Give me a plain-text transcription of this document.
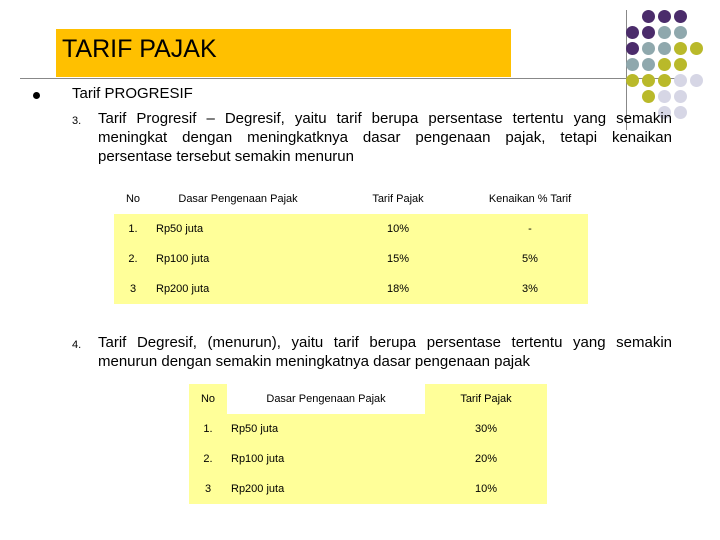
TARIF PAJAK
Tarif PROGRESIF
3. Tarif Progresif – Degresif, yaitu tarif berupa persentase tertentu yang semakin meningkat dengan meningkatknya dasar pengenaan pajak, tetapi kenaikan persentase tersebut semakin menurun
No	Dasar Pengenaan Pajak	Tarif Pajak	Kenaikan % Tarif
1.	Rp50 juta	10%	-
2.	Rp100 juta	15%	5%
3	Rp200 juta	18%	3%
4. Tarif Degresif, (menurun), yaitu tarif berupa persentase tertentu yang semakin menurun dengan semakin meningkatnya dasar pengenaan pajak
No	Dasar Pengenaan Pajak	Tarif Pajak
1.	Rp50 juta	30%
2.	Rp100 juta	20%
3	Rp200 juta	10%
